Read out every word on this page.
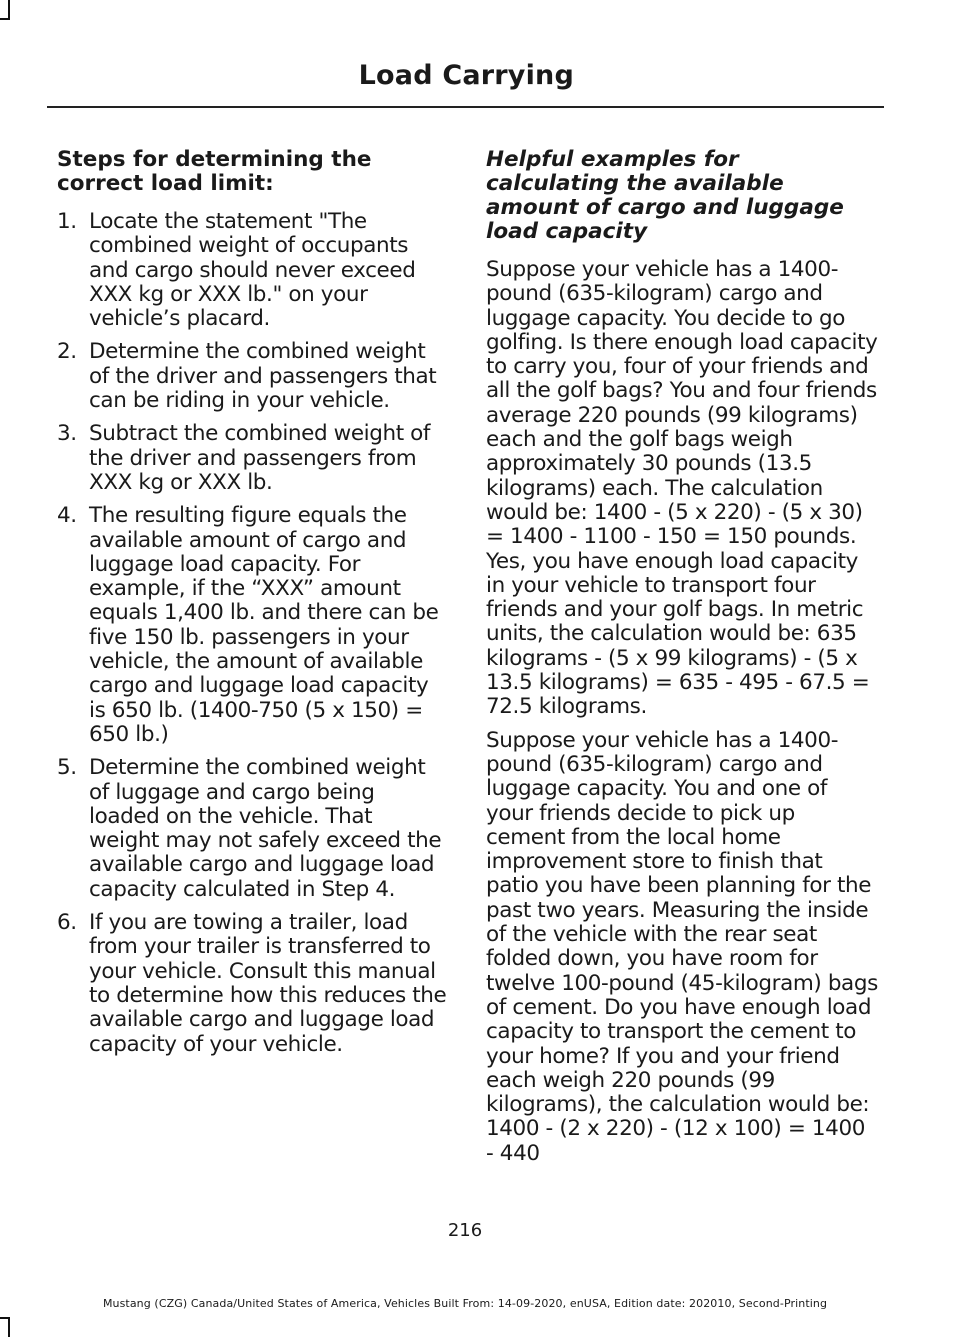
Load Carrying
Steps for determining the correct load limit:
1. Locate the statement "The combined weight of occupants and cargo should never exceed XXX kg or XXX lb." on your vehicle’s placard.
2. Determine the combined weight of the driver and passengers that can be riding in your vehicle.
3. Subtract the combined weight of the driver and passengers from XXX kg or XXX lb.
4. The resulting figure equals the available amount of cargo and luggage load capacity. For example, if the “XXX” amount equals 1,400 lb. and there can be five 150 lb. passengers in your vehicle, the amount of available cargo and luggage load capacity is 650 lb. (1400-750 (5 x 150) = 650 lb.)
5. Determine the combined weight of luggage and cargo being loaded on the vehicle. That weight may not safely exceed the available cargo and luggage load capacity calculated in Step 4.
6. If you are towing a trailer, load from your trailer is transferred to your vehicle. Consult this manual to determine how this reduces the available cargo and luggage load capacity of your vehicle.
Helpful examples for calculating the available amount of cargo and luggage load capacity

Suppose your vehicle has a 1400-pound (635-kilogram) cargo and luggage capacity. You decide to go golfing. Is there enough load capacity to carry you, four of your friends and all the golf bags? You and four friends average 220 pounds (99 kilograms) each and the golf bags weigh approximately 30 pounds (13.5 kilograms) each. The calculation would be: 1400 - (5 x 220) - (5 x 30) = 1400 - 1100 - 150 = 150 pounds. Yes, you have enough load capacity in your vehicle to transport four friends and your golf bags. In metric units, the calculation would be: 635 kilograms - (5 x 99 kilograms) - (5 x 13.5 kilograms) = 635 - 495 - 67.5 = 72.5 kilograms.

Suppose your vehicle has a 1400-pound (635-kilogram) cargo and luggage capacity. You and one of your friends decide to pick up cement from the local home improvement store to finish that patio you have been planning for the past two years. Measuring the inside of the vehicle with the rear seat folded down, you have room for twelve 100-pound (45-kilogram) bags of cement. Do you have enough load capacity to transport the cement to your home? If you and your friend each weigh 220 pounds (99 kilograms), the calculation would be: 1400 - (2 x 220) - (12 x 100) = 1400 - 440

216
Mustang (CZG) Canada/United States of America, Vehicles Built From: 14-09-2020, enUSA, Edition date: 202010, Second-Printing
